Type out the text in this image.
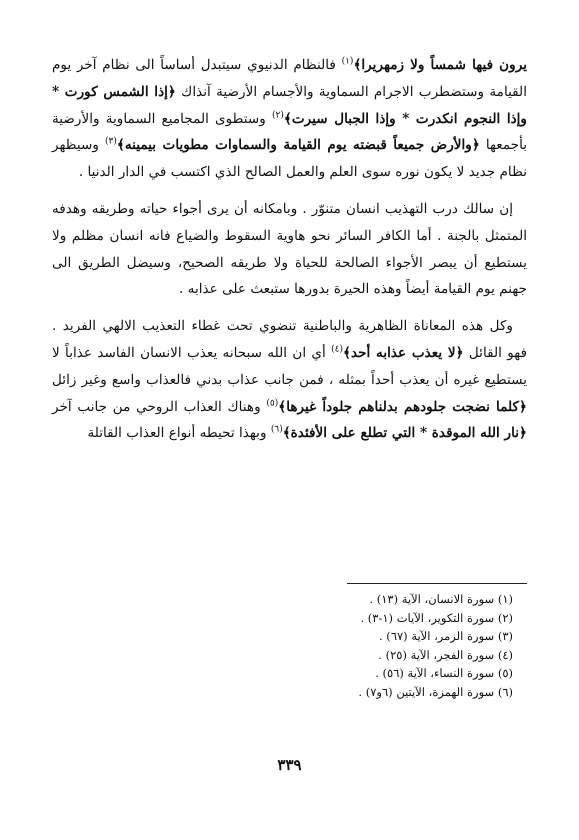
يرون فيها شمساً ولا زمهريرا﴾$^{(١)}$ فالنظام الدنيوي سيتبدل أساساً الى نظام آخر يوم القيامة وستضطرب الاجرام السماوية والأجسام الأرضية آنذاك ﴿إذا الشمس كورت * وإذا النجوم انكدرت * وإذا الجبال سيرت﴾$^{(٢)}$ وستطوى المجاميع السماوية والأرضية بأجمعها ﴿والأرض جميعاً قبضته يوم القيامة والسماوات مطويات بيمينه﴾$^{(٣)}$ وسيظهر نظام جديد لا يكون نوره سوى العلم والعمل الصالح الذي اكتسب في الدار الدنيا .

إن سالك درب التهذيب انسان متنوّر . وبامكانه أن يرى أجواء حياته وطريقه وهدفه المتمثل بالجنة . أما الكافر السائر نحو هاوية السقوط والضياع فانه انسان مظلم ولا يستطيع أن يبصر الأجواء الصالحة للحياة ولا طريقه الصحيح، وسيضل الطريق الى جهنم يوم القيامة أيضاً وهذه الحيرة بدورها ستبعث على عذابه .

وكل هذه المعاناة الظاهرية والباطنية تنضوي تحت غطاء التعذيب الالهي الفريد . فهو القائل ﴿لا يعذب عذابه أحد﴾$^{(٤)}$ أي ان الله سبحانه يعذب الانسان الفاسد عذاباً لا يستطيع غيره أن يعذب أحداً بمثله ، فمن جانب عذاب بدني فالعذاب واسع وغير زائل ﴿كلما نضجت جلودهم بدلناهم جلوداً غيرها﴾$^{(٥)}$ وهناك العذاب الروحي من جانب آخر ﴿نار الله الموقدة * التي تطلع على الأفئدة﴾$^{(٦)}$ وبهذا تحيطه أنواع العذاب القاتلة

(١) سورة الانسان، الآية (١٣) .
(٢) سورة التكوير، الآيات (١-٣) .
(٣) سورة الزمر، الآية (٦٧) .
(٤) سورة الفجر، الآية (٢٥) .
(٥) سورة النساء، الآية (٥٦) .
(٦) سورة الهمزة، الآيتين (٦و٧) .
٣٣٩
